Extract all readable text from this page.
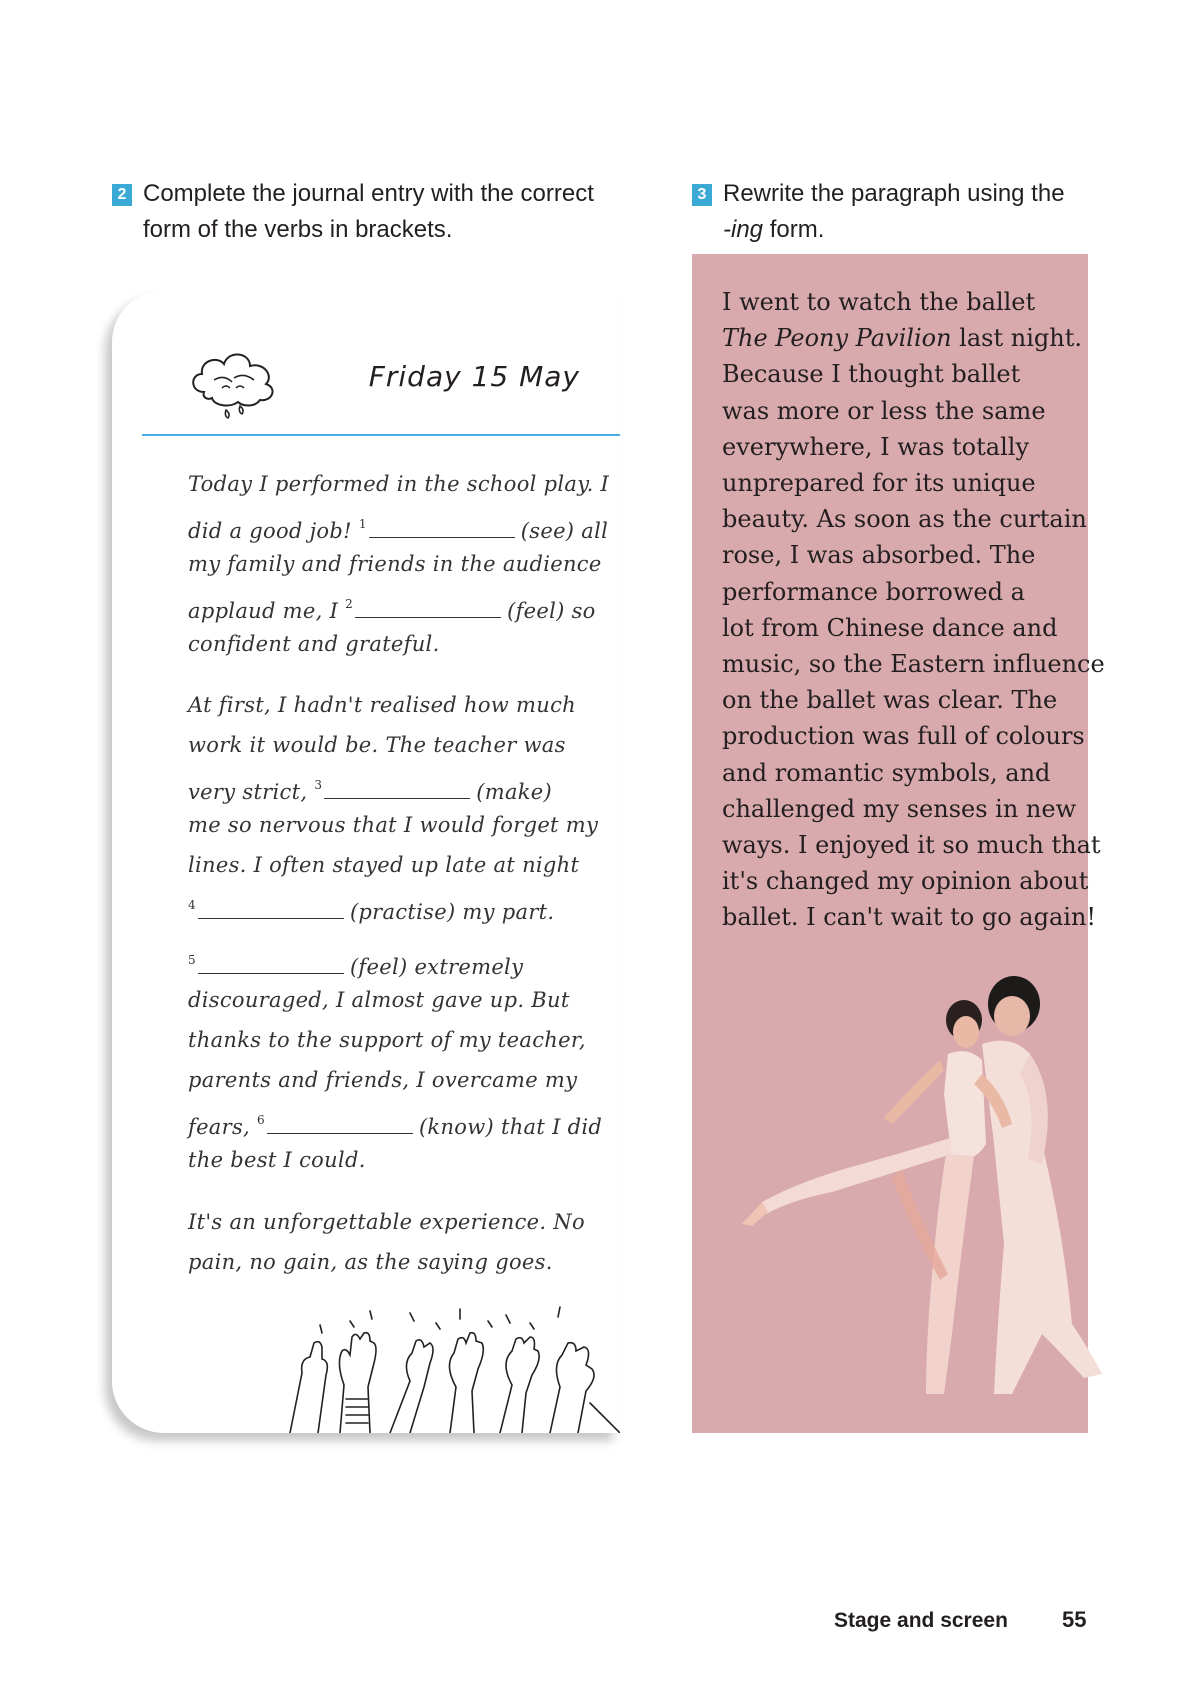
2 Complete the journal entry with the correct
form of the verbs in brackets.
3 Rewrite the paragraph using the
-ing form.
Friday 15 May
Today I performed in the school play. I
did a good job! $^1$	(see) all
my family and friends in the audience
applaud me, I $^2$	(feel) so
confident and grateful.
At first, I hadn't realised how much
work it would be. The teacher was
very strict, $^3$	(make)
me so nervous that I would forget my
lines. I often stayed up late at night
$^4$	(practise) my part.
$^5$	(feel) extremely
discouraged, I almost gave up. But
thanks to the support of my teacher,
parents and friends, I overcame my
fears, $^6$	(know) that I did
the best I could.
It's an unforgettable experience. No
pain, no gain, as the saying goes.
I went to watch the ballet
The Peony Pavilion last night.
Because I thought ballet
was more or less the same
everywhere, I was totally
unprepared for its unique
beauty. As soon as the curtain
rose, I was absorbed. The
performance borrowed a
lot from Chinese dance and
music, so the Eastern influence
on the ballet was clear. The
production was full of colours
and romantic symbols, and
challenged my senses in new
ways. I enjoyed it so much that
it's changed my opinion about
ballet. I can't wait to go again!
Stage and screen 55
